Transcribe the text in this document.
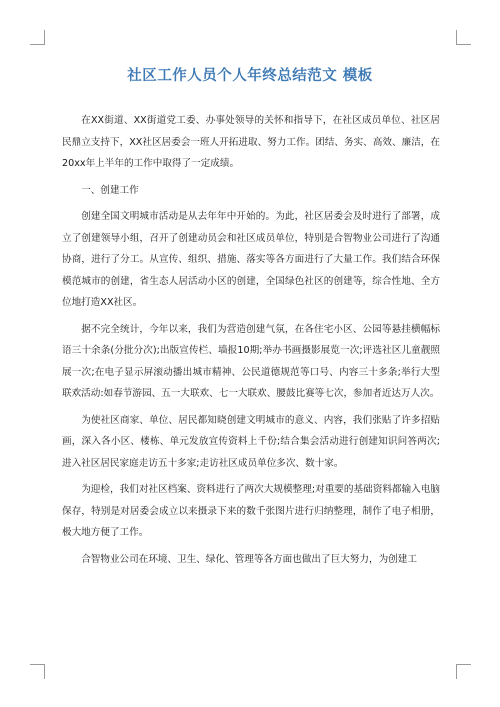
社区工作人员个人年终总结范文 模板

在XX街道、XX街道党工委、办事处领导的关怀和指导下，在社区成员单位、社区居民鼎立支持下，XX社区居委会一班人开拓进取、努力工作。团结、务实、高效、廉洁，在20xx年上半年的工作中取得了一定成绩。

一、创建工作

创建全国文明城市活动是从去年年中开始的。为此，社区居委会及时进行了部署，成立了创建领导小组，召开了创建动员会和社区成员单位，特别是合智物业公司进行了沟通协商，进行了分工。从宣传、组织、措施、落实等各方面进行了大量工作。我们结合环保模范城市的创建，省生态人居活动小区的创建，全国绿色社区的创建等，综合性地、全方位地打造XX社区。

据不完全统计，今年以来，我们为营造创建气氛，在各住宅小区、公园等悬挂横幅标语三十余条(分批分次);出版宣传栏、墙报10期;举办书画摄影展览一次;评选社区儿童靓照展一次;在电子显示屏滚动播出城市精神、公民道德规范等口号、内容三十多条;举行大型联欢活动:如春节游园、五一大联欢、七一大联欢、腰鼓比赛等七次，参加者近达万人次。

为使社区商家、单位、居民都知晓创建文明城市的意义、内容，我们张贴了许多招贴画，深入各小区、楼栋、单元发放宣传资料上千份;结合集会活动进行创建知识问答两次;进入社区居民家庭走访五十多家;走访社区成员单位多次、数十家。

为迎检，我们对社区档案、资料进行了两次大规模整理;对重要的基础资料都输入电脑保存，特别是对居委会成立以来摄录下来的数千张图片进行归纳整理，制作了电子相册，极大地方便了工作。

合智物业公司在环境、卫生、绿化、管理等各方面也做出了巨大努力，为创建工
